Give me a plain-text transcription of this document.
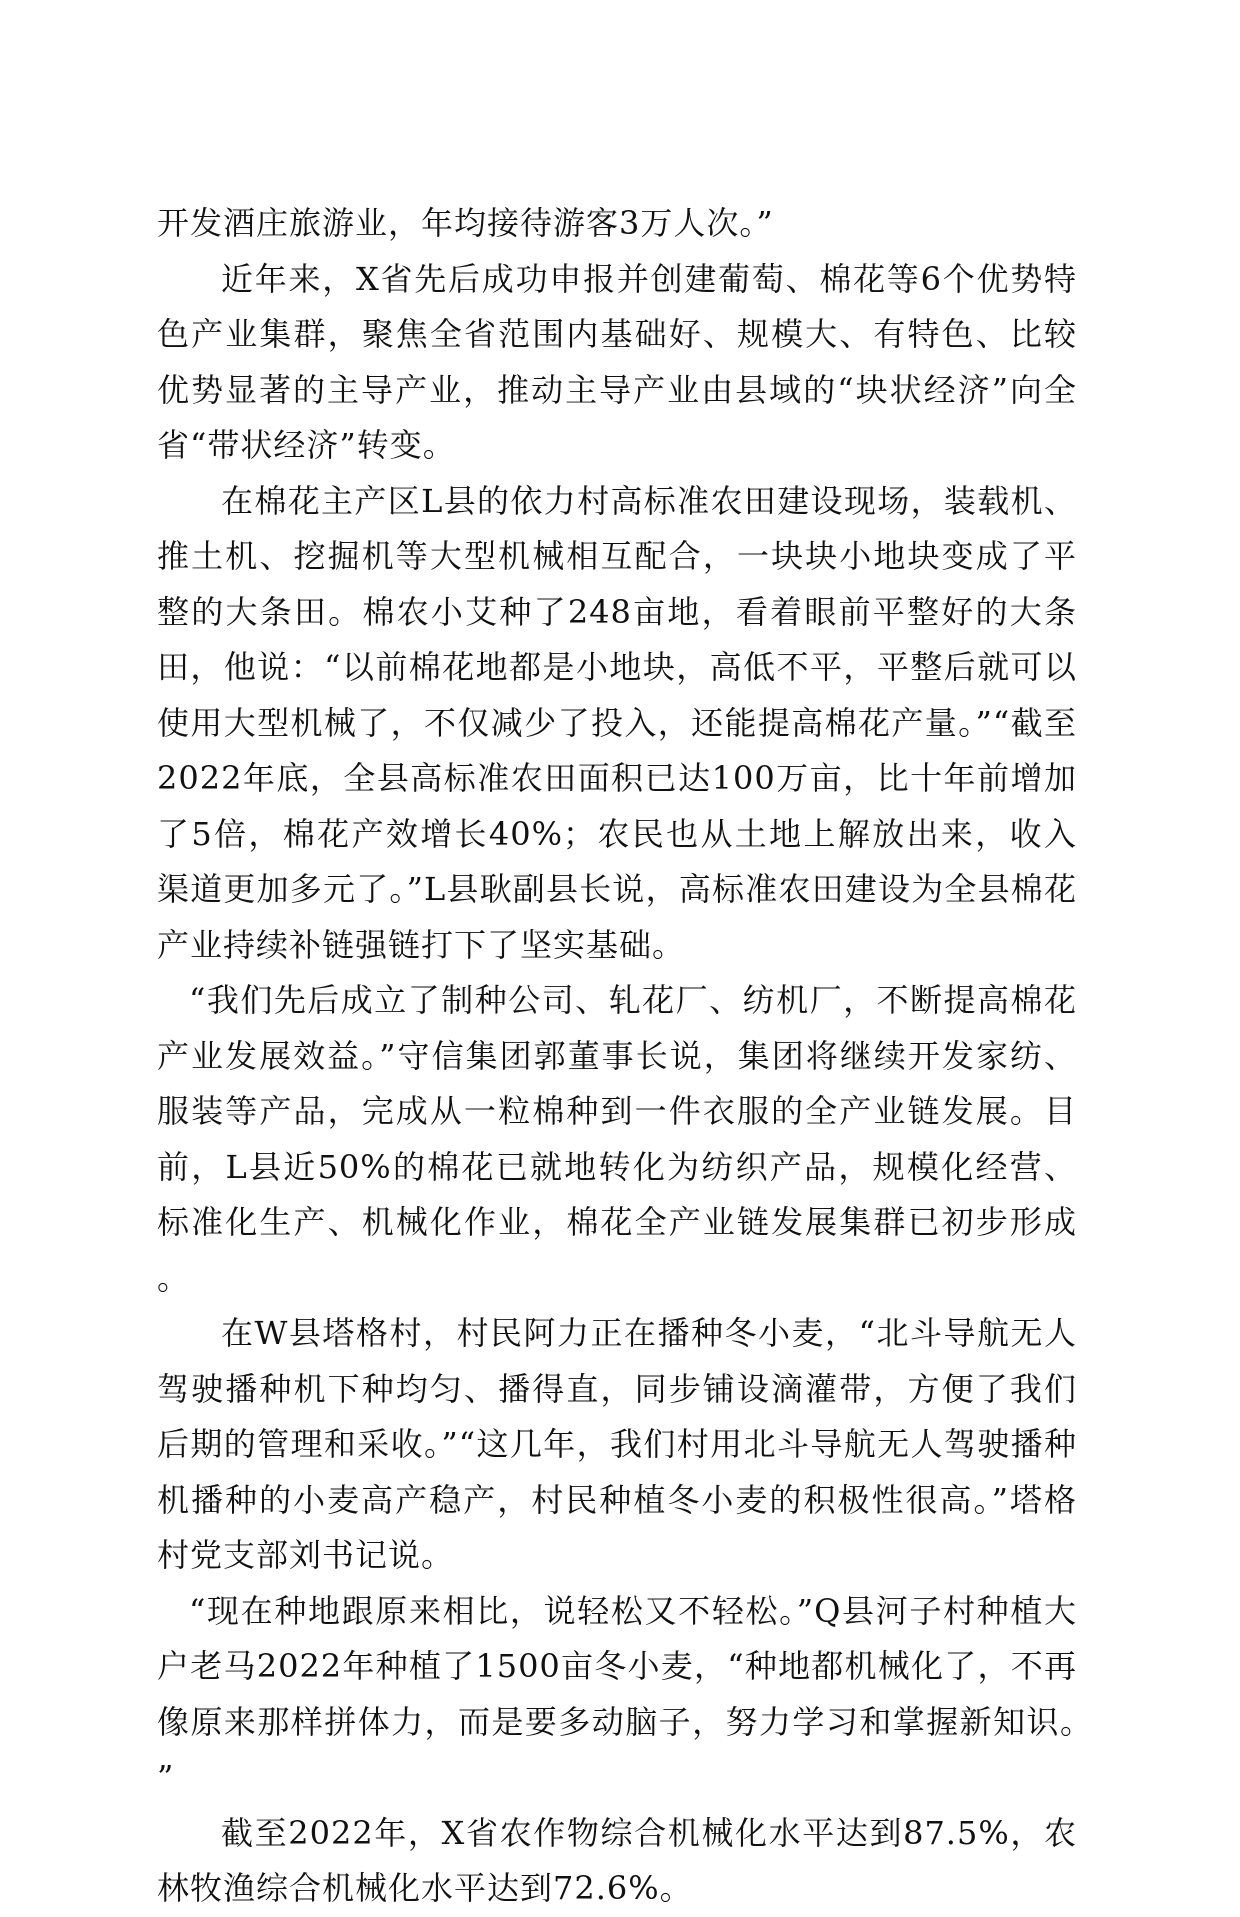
开发酒庄旅游业，年均接待游客3万人次。”

近年来，X省先后成功申报并创建葡萄、棉花等6个优势特色产业集群，聚焦全省范围内基础好、规模大、有特色、比较优势显著的主导产业，推动主导产业由县域的“块状经济”向全省“带状经济”转变。

在棉花主产区L县的依力村高标准农田建设现场，装载机、推土机、挖掘机等大型机械相互配合，一块块小地块变成了平整的大条田。棉农小艾种了248亩地，看着眼前平整好的大条田，他说：“以前棉花地都是小地块，高低不平，平整后就可以使用大型机械了，不仅减少了投入，还能提高棉花产量。”“截至2022年底，全县高标准农田面积已达100万亩，比十年前增加了5倍，棉花产效增长40%；农民也从土地上解放出来，收入渠道更加多元了。”L县耿副县长说，高标准农田建设为全县棉花产业持续补链强链打下了坚实基础。

“我们先后成立了制种公司、轧花厂、纺机厂，不断提高棉花产业发展效益。”守信集团郭董事长说，集团将继续开发家纺、服装等产品，完成从一粒棉种到一件衣服的全产业链发展。目前，L县近50%的棉花已就地转化为纺织产品，规模化经营、标准化生产、机械化作业，棉花全产业链发展集群已初步形成。

在W县塔格村，村民阿力正在播种冬小麦，“北斗导航无人驾驶播种机下种均匀、播得直，同步铺设滴灌带，方便了我们后期的管理和采收。”“这几年，我们村用北斗导航无人驾驶播种机播种的小麦高产稳产，村民种植冬小麦的积极性很高。”塔格村党支部刘书记说。

“现在种地跟原来相比，说轻松又不轻松。”Q县河子村种植大户老马2022年种植了1500亩冬小麦，“种地都机械化了，不再像原来那样拼体力，而是要多动脑子，努力学习和掌握新知识。”

截至2022年，X省农作物综合机械化水平达到87.5%，农林牧渔综合机械化水平达到72.6%。
